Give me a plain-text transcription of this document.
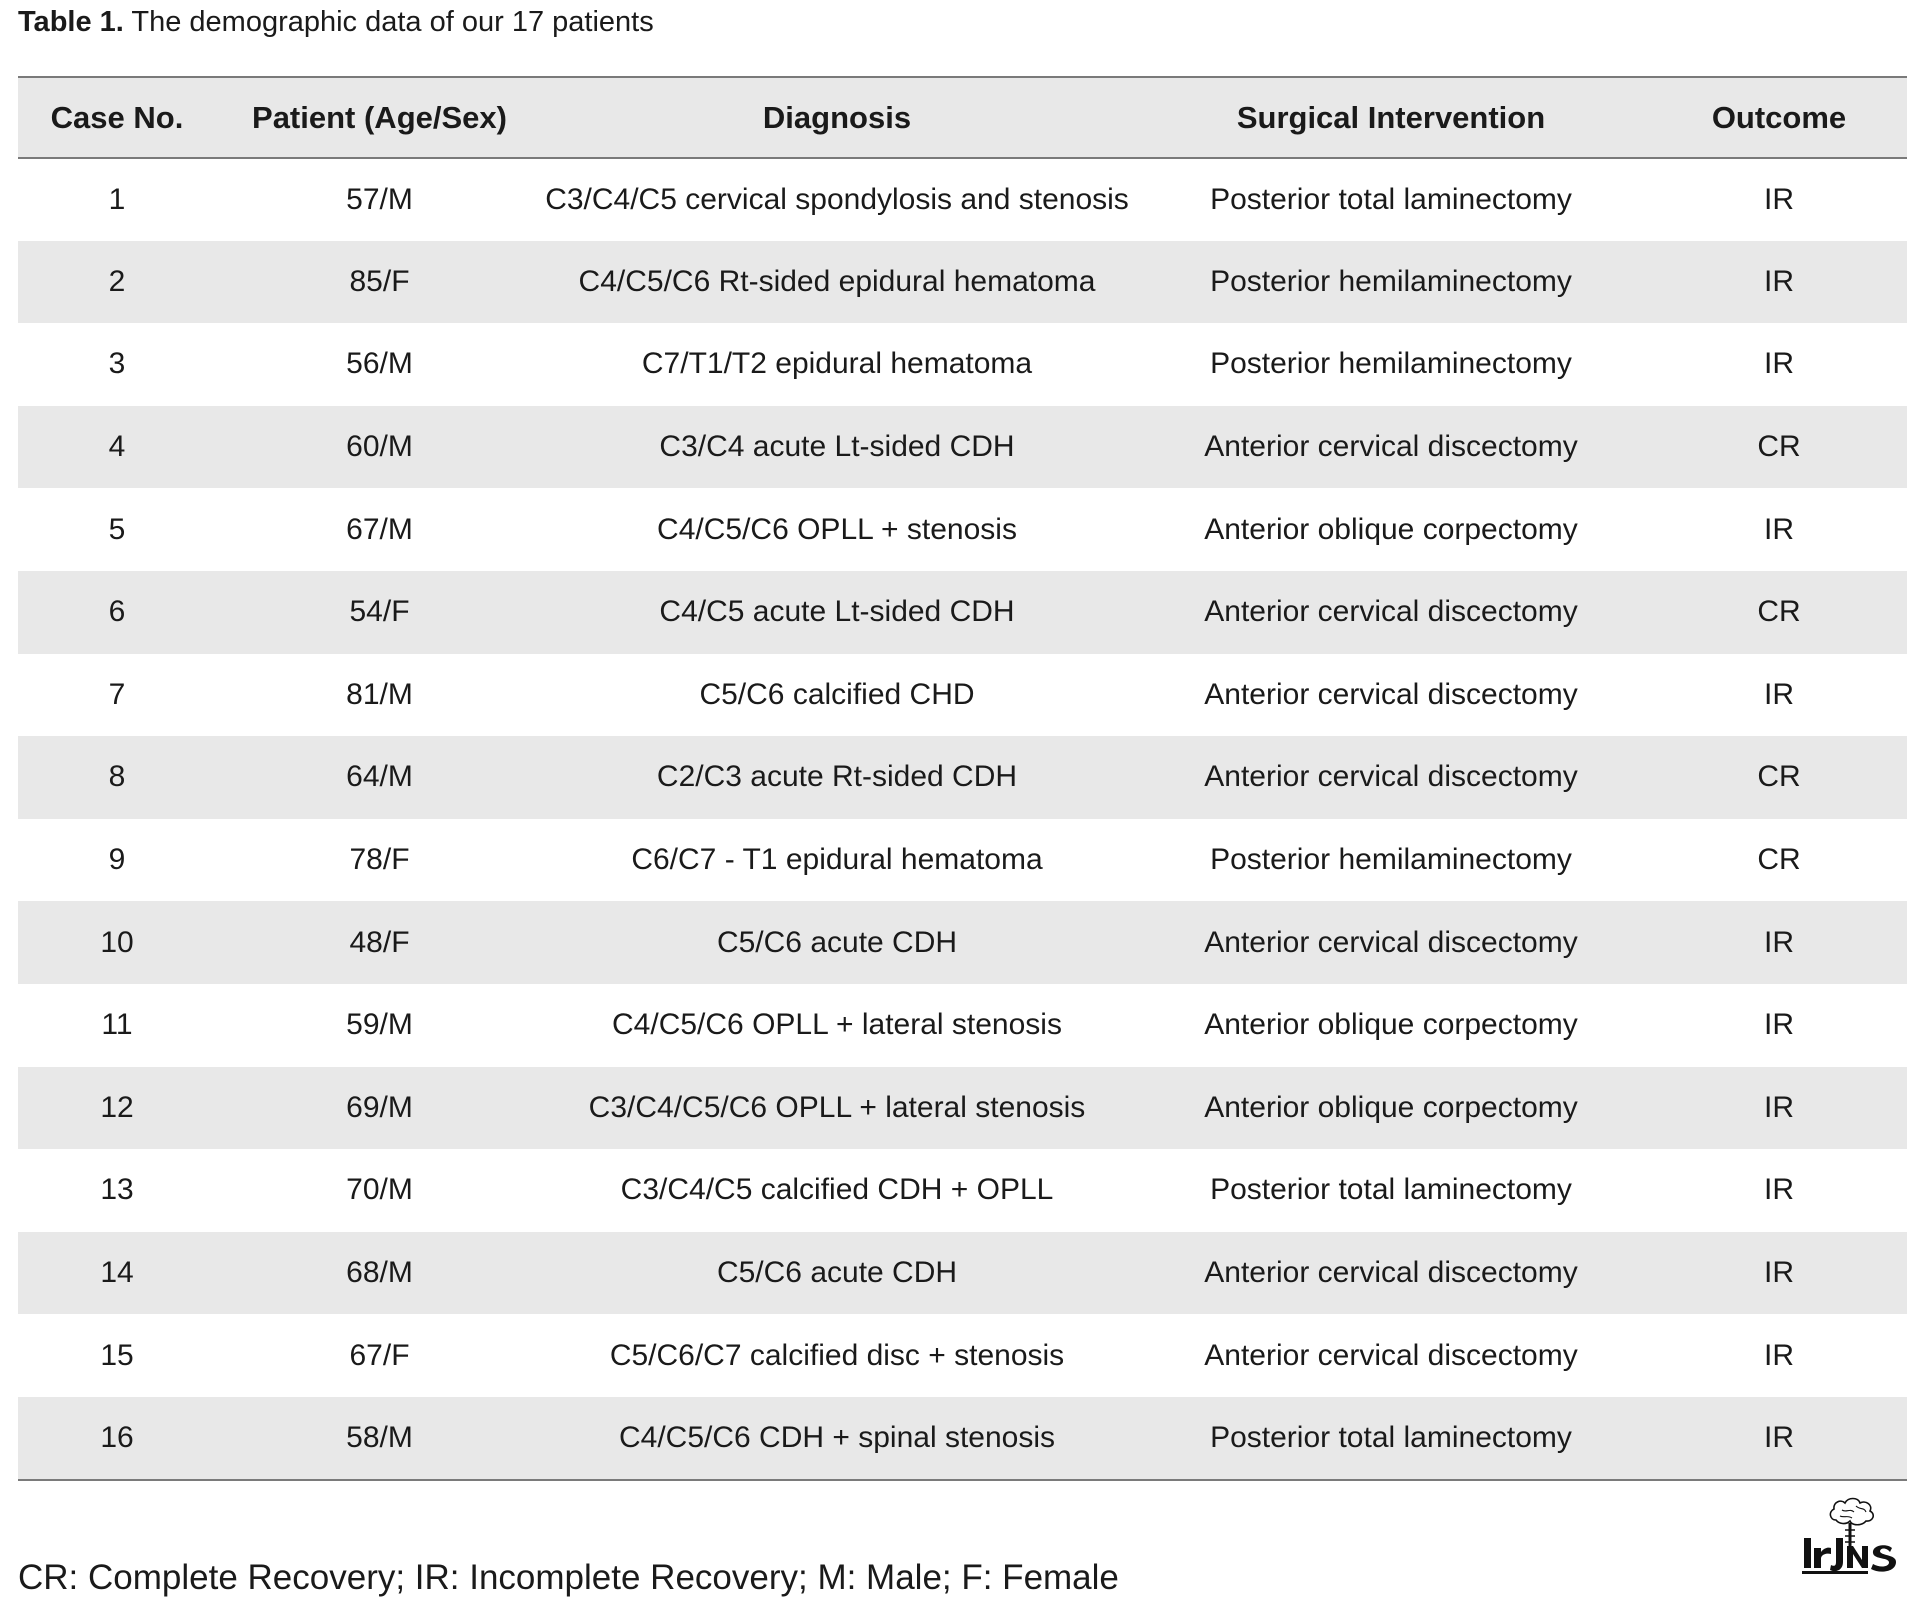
Table 1. The demographic data of our 17 patients
Case No.	Patient (Age/Sex)	Diagnosis	Surgical Intervention	Outcome
1	57/M	C3/C4/C5 cervical spondylosis and stenosis	Posterior total laminectomy	IR
2	85/F	C4/C5/C6 Rt-sided epidural hematoma	Posterior hemilaminectomy	IR
3	56/M	C7/T1/T2 epidural hematoma	Posterior hemilaminectomy	IR
4	60/M	C3/C4 acute Lt-sided CDH	Anterior cervical discectomy	CR
5	67/M	C4/C5/C6 OPLL + stenosis	Anterior oblique corpectomy	IR
6	54/F	C4/C5 acute Lt-sided CDH	Anterior cervical discectomy	CR
7	81/M	C5/C6 calcified CHD	Anterior cervical discectomy	IR
8	64/M	C2/C3 acute Rt-sided CDH	Anterior cervical discectomy	CR
9	78/F	C6/C7 - T1 epidural hematoma	Posterior hemilaminectomy	CR
10	48/F	C5/C6 acute CDH	Anterior cervical discectomy	IR
11	59/M	C4/C5/C6 OPLL + lateral stenosis	Anterior oblique corpectomy	IR
12	69/M	C3/C4/C5/C6 OPLL + lateral stenosis	Anterior oblique corpectomy	IR
13	70/M	C3/C4/C5 calcified CDH + OPLL	Posterior total laminectomy	IR
14	68/M	C5/C6 acute CDH	Anterior cervical discectomy	IR
15	67/F	C5/C6/C7 calcified disc + stenosis	Anterior cervical discectomy	IR
16	58/M	C4/C5/C6 CDH + spinal stenosis	Posterior total laminectomy	IR
CR: Complete Recovery; IR: Incomplete Recovery; M: Male; F: Female
